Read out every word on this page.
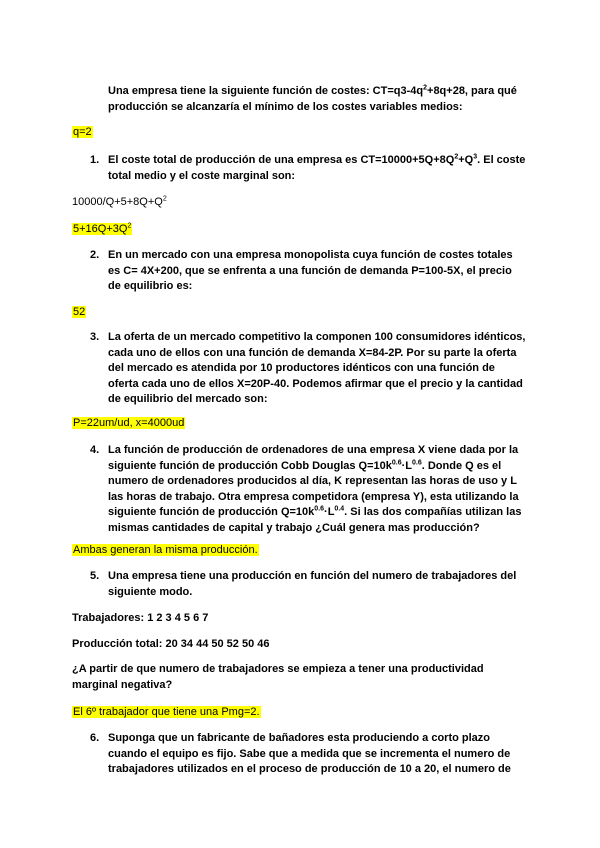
Una empresa tiene la siguiente función de costes: $CT=q3-4q^2+8q+28$, para qué producción se alcanzaría el mínimo de los costes variables medios:

q=2

1. El coste total de producción de una empresa es $CT=10000+5Q+8Q^2+Q^3$. El coste total medio y el coste marginal son:

$10000/Q+5+8Q+Q^2$

$5+16Q+3Q^2$

2. En un mercado con una empresa monopolista cuya función de costes totales es C= 4X+200, que se enfrenta a una función de demanda P=100-5X, el precio de equilibrio es:

52

3. La oferta de un mercado competitivo la componen 100 consumidores idénticos, cada uno de ellos con una función de demanda X=84-2P. Por su parte la oferta del mercado es atendida por 10 productores idénticos con una función de oferta cada uno de ellos X=20P-40. Podemos afirmar que el precio y la cantidad de equilibrio del mercado son:

P=22um/ud, x=4000ud

4. La función de producción de ordenadores de una empresa X viene dada por la siguiente función de producción Cobb Douglas $Q=10k^{0.6}\cdot L^{0.6}$. Donde Q es el numero de ordenadores producidos al día, K representan las horas de uso y L las horas de trabajo. Otra empresa competidora (empresa Y), esta utilizando la siguiente función de producción $Q=10k^{0.6}\cdot L^{0.4}$. Si las dos compañías utilizan las mismas cantidades de capital y trabajo ¿Cuál genera mas producción?

Ambas generan la misma producción.

5. Una empresa tiene una producción en función del numero de trabajadores del siguiente modo.

Trabajadores: 1 2 3 4 5 6 7

Producción total: 20 34 44 50 52 50 46

¿A partir de que numero de trabajadores se empieza a tener una productividad marginal negativa?

El 6º trabajador que tiene una Pmg=2.

6. Suponga que un fabricante de bañadores esta produciendo a corto plazo cuando el equipo es fijo. Sabe que a medida que se incrementa el numero de trabajadores utilizados en el proceso de producción de 10 a 20, el numero de
